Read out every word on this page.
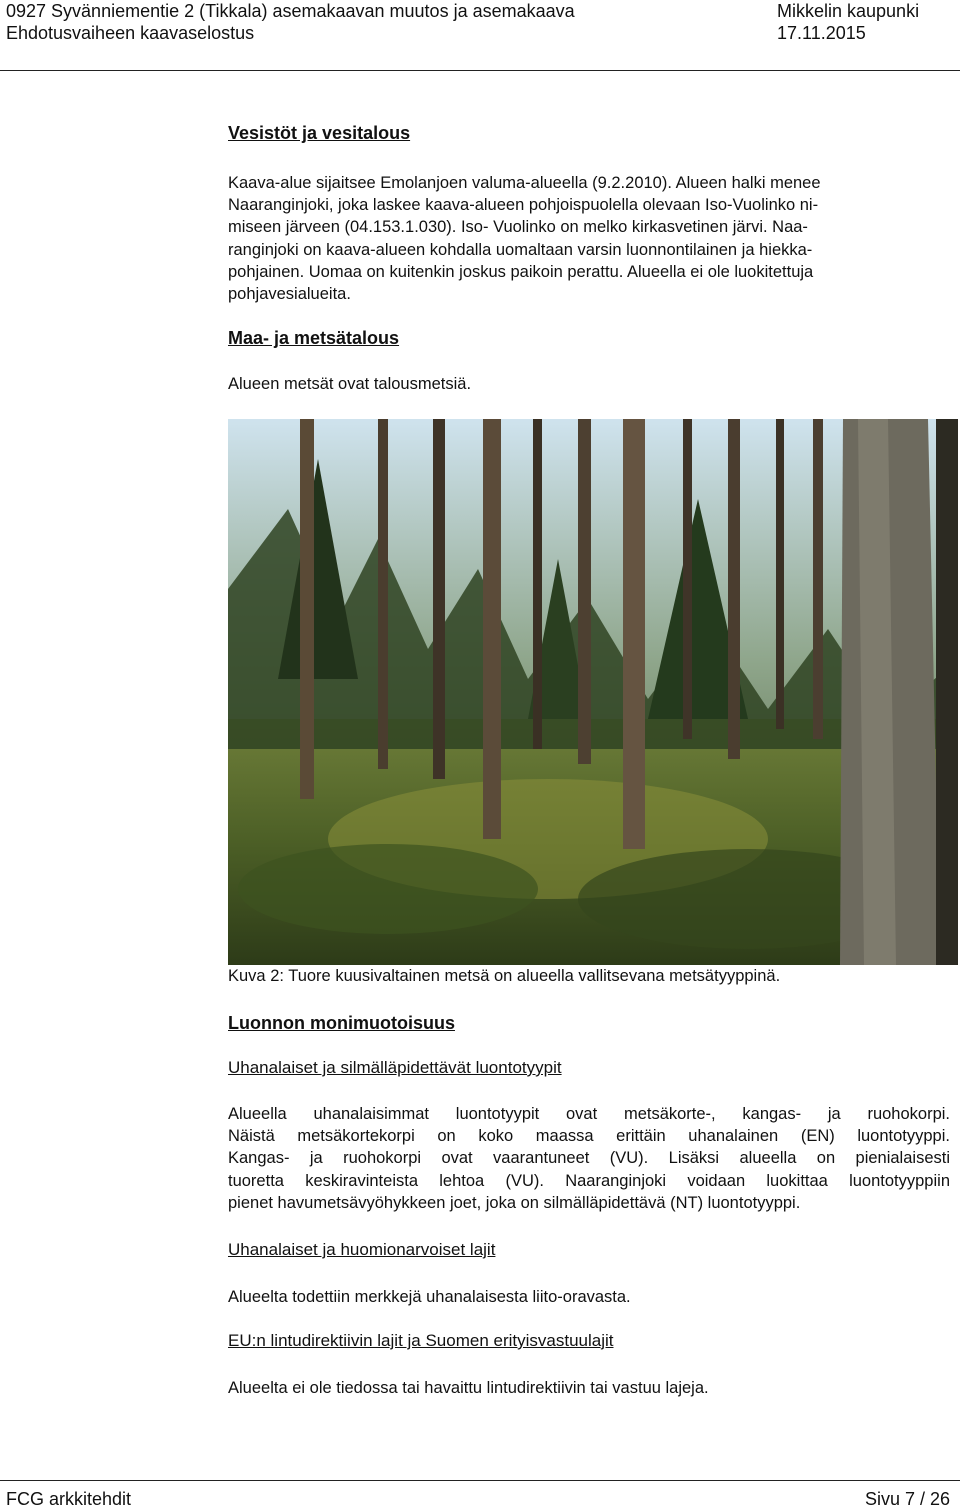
0927 Syvänniementie 2 (Tikkala) asemakaavan muutos ja asemakaava
Ehdotusvaiheen kaavaselostus
Mikkelin kaupunki
17.11.2015
Vesistöt ja vesitalous
Kaava-alue sijaitsee Emolanjoen valuma-alueella (9.2.2010). Alueen halki menee
Naaranginjoki, joka laskee kaava-alueen pohjoispuolella olevaan Iso-Vuolinko ni-
miseen järveen (04.153.1.030). Iso- Vuolinko on melko kirkasvetinen järvi. Naa-
ranginjoki on kaava-alueen kohdalla uomaltaan varsin luonnontilainen ja hiekka-
pohjainen. Uomaa on kuitenkin joskus paikoin perattu. Alueella ei ole luokitettuja
pohjavesialueita.
Maa- ja metsätalous
Alueen metsät ovat talousmetsiä.
Kuva 2: Tuore kuusivaltainen metsä on alueella vallitsevana metsätyyppinä.
Luonnon monimuotoisuus
Uhanalaiset ja silmälläpidettävät luontotyypit
Alueella uhanalaisimmat luontotyypit ovat metsäkorte-, kangas- ja ruohokorpi.
Näistä metsäkortekorpi on koko maassa erittäin uhanalainen (EN) luontotyyppi.
Kangas- ja ruohokorpi ovat vaarantuneet (VU). Lisäksi alueella on pienialaisesti
tuoretta keskiravinteista lehtoa (VU). Naaranginjoki voidaan luokittaa luontotyyppiin
pienet havumetsävyöhykkeen joet, joka on silmälläpidettävä (NT) luontotyyppi.
Uhanalaiset ja huomionarvoiset lajit
Alueelta todettiin merkkejä uhanalaisesta liito-oravasta.
EU:n lintudirektiivin lajit ja Suomen erityisvastuulajit
Alueelta ei ole tiedossa tai havaittu lintudirektiivin tai vastuu lajeja.
FCG arkkitehdit	Sivu 7 / 26
